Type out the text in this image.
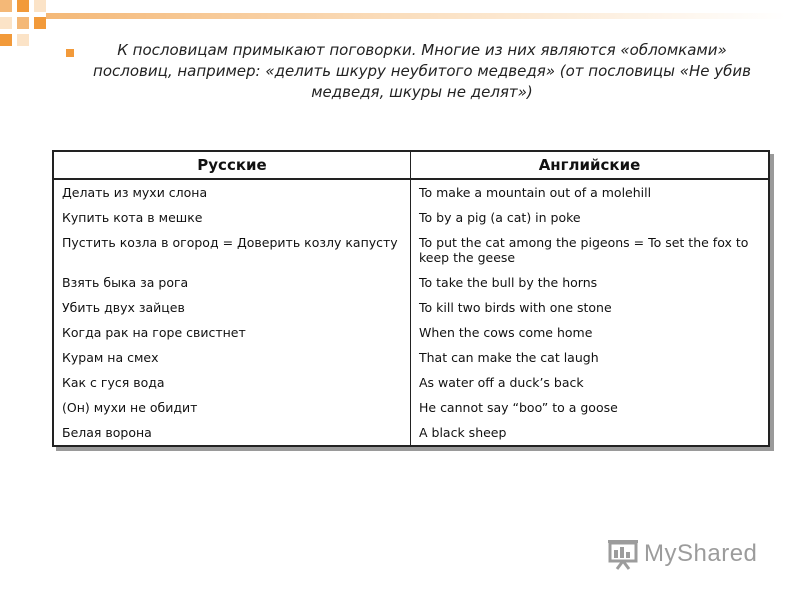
К пословицам примыкают поговорки. Многие из них являются «обломками» пословиц, например: «делить шкуру неубитого медведя» (от пословицы «Не убив медведя, шкуры не делят»)
Русские	Английские
Делать из мухи слона	To make a mountain out of a molehill
Купить кота в мешке	To by a pig (a cat) in poke
Пустить козла в огород = Доверить козлу капусту	To put the cat among the pigeons = To set the fox to keep the geese
Взять быка за рога	To take the bull by the horns
Убить двух зайцев	To kill two birds with one stone
Когда рак на горе свистнет	When the cows come home
Курам на смех	That can make the cat laugh
Как с гуся вода	As water off a duck’s back
(Он) мухи не обидит	He cannot say “boo” to a goose
Белая ворона	A black sheep
MyShared
